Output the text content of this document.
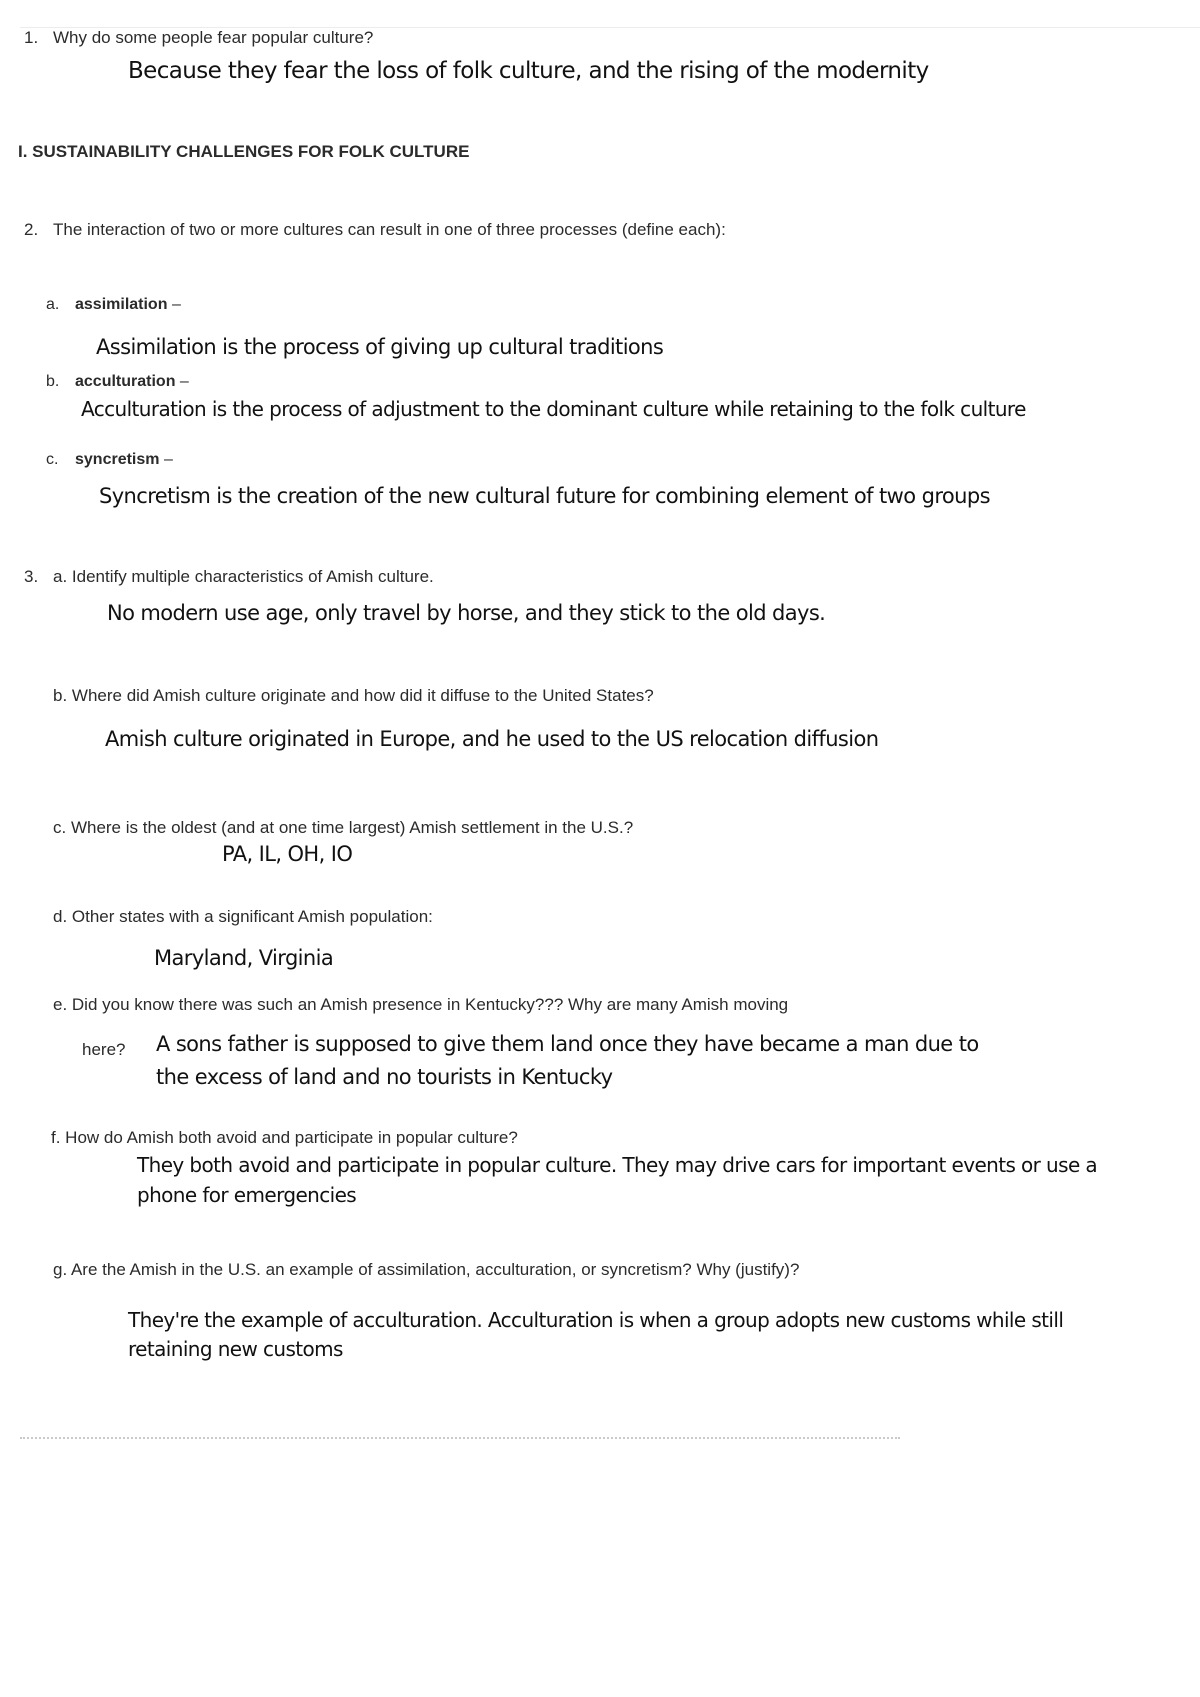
1. Why do some people fear popular culture?
Because they fear the loss of folk culture, and the rising of the modernity
I. SUSTAINABILITY CHALLENGES FOR FOLK CULTURE
2. The interaction of two or more cultures can result in one of three processes (define each):
a. assimilation –
Assimilation is the process of giving up cultural traditions
b. acculturation –
Acculturation is the process of adjustment to the dominant culture while retaining to the folk culture
c. syncretism –
Syncretism is the creation of the new cultural future for combining element of two groups
3. a. Identify multiple characteristics of Amish culture.
No modern use age, only travel by horse, and they stick to the old days.
b. Where did Amish culture originate and how did it diffuse to the United States?
Amish culture originated in Europe, and he used to the US relocation diffusion
c. Where is the oldest (and at one time largest) Amish settlement in the U.S.?
PA, IL, OH, IO
d. Other states with a significant Amish population:
Maryland, Virginia
e. Did you know there was such an Amish presence in Kentucky??? Why are many Amish moving
here? A sons father is supposed to give them land once they have became a man due to
the excess of land and no tourists in Kentucky
f. How do Amish both avoid and participate in popular culture?
They both avoid and participate in popular culture. They may drive cars for important events or use a
phone for emergencies
g. Are the Amish in the U.S. an example of assimilation, acculturation, or syncretism? Why (justify)?
They're the example of acculturation. Acculturation is when a group adopts new customs while still
retaining new customs
